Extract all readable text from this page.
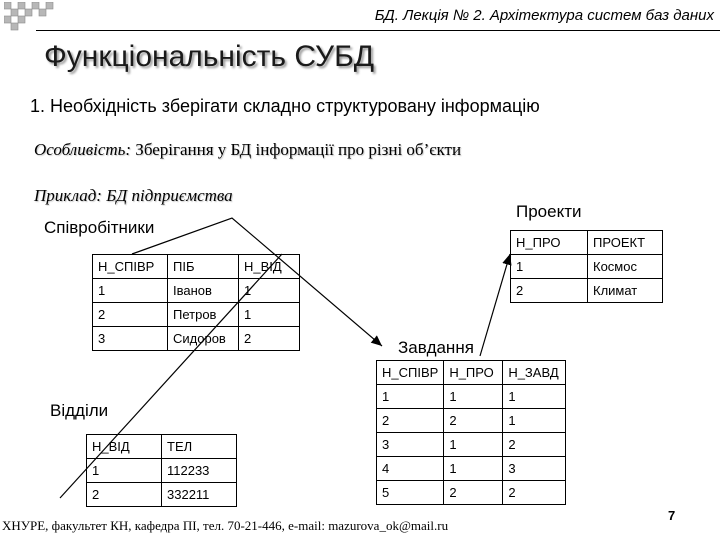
БД. Лекція № 2. Архітектура систем баз даних
Функціональність СУБД
1. Необхідність зберігати складно структуровану інформацію
Особливість: Зберігання у БД інформації про різні об’єкти
Приклад: БД підприємства
Співробітники
Н_СПІВР	ПІБ	Н_ВІД
1	Іванов	1
2	Петров	1
3	Сидоров	2
Проекти
Н_ПРО	ПРОЕКТ
1	Космос
2	Климат
Завдання
Н_СПІВР	Н_ПРО	Н_ЗАВД
1	1	1
2	2	1
3	1	2
4	1	3
5	2	2
Відділи
Н_ВІД	ТЕЛ
1	112233
2	332211
ХНУРЕ, факультет КН, кафедра ПІ, тел. 70-21-446, e-mail: mazurova_ok@mail.ru
7
